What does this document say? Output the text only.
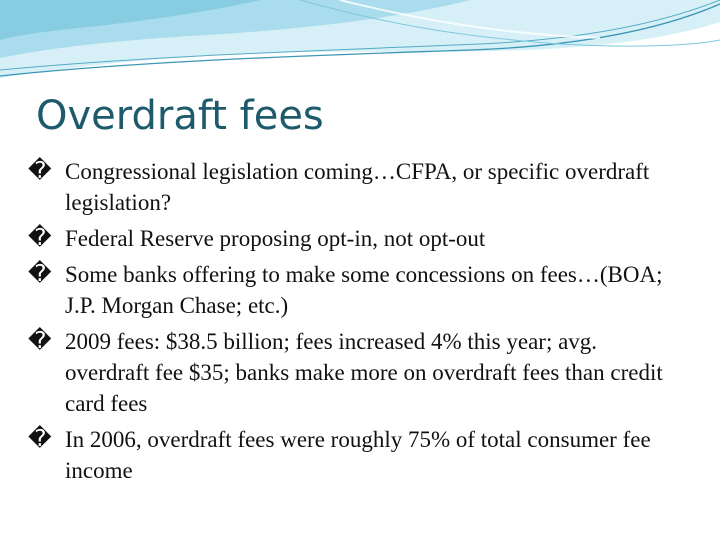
Overdraft fees
� Congressional legislation coming…CFPA, or specific overdraft legislation?
� Federal Reserve proposing opt-in, not opt-out
� Some banks offering to make some concessions on fees…(BOA; J.P. Morgan Chase; etc.)
� 2009 fees: $38.5 billion; fees increased 4% this year; avg. overdraft fee $35; banks make more on overdraft fees than credit card fees
� In 2006, overdraft fees were roughly 75% of total consumer fee income
